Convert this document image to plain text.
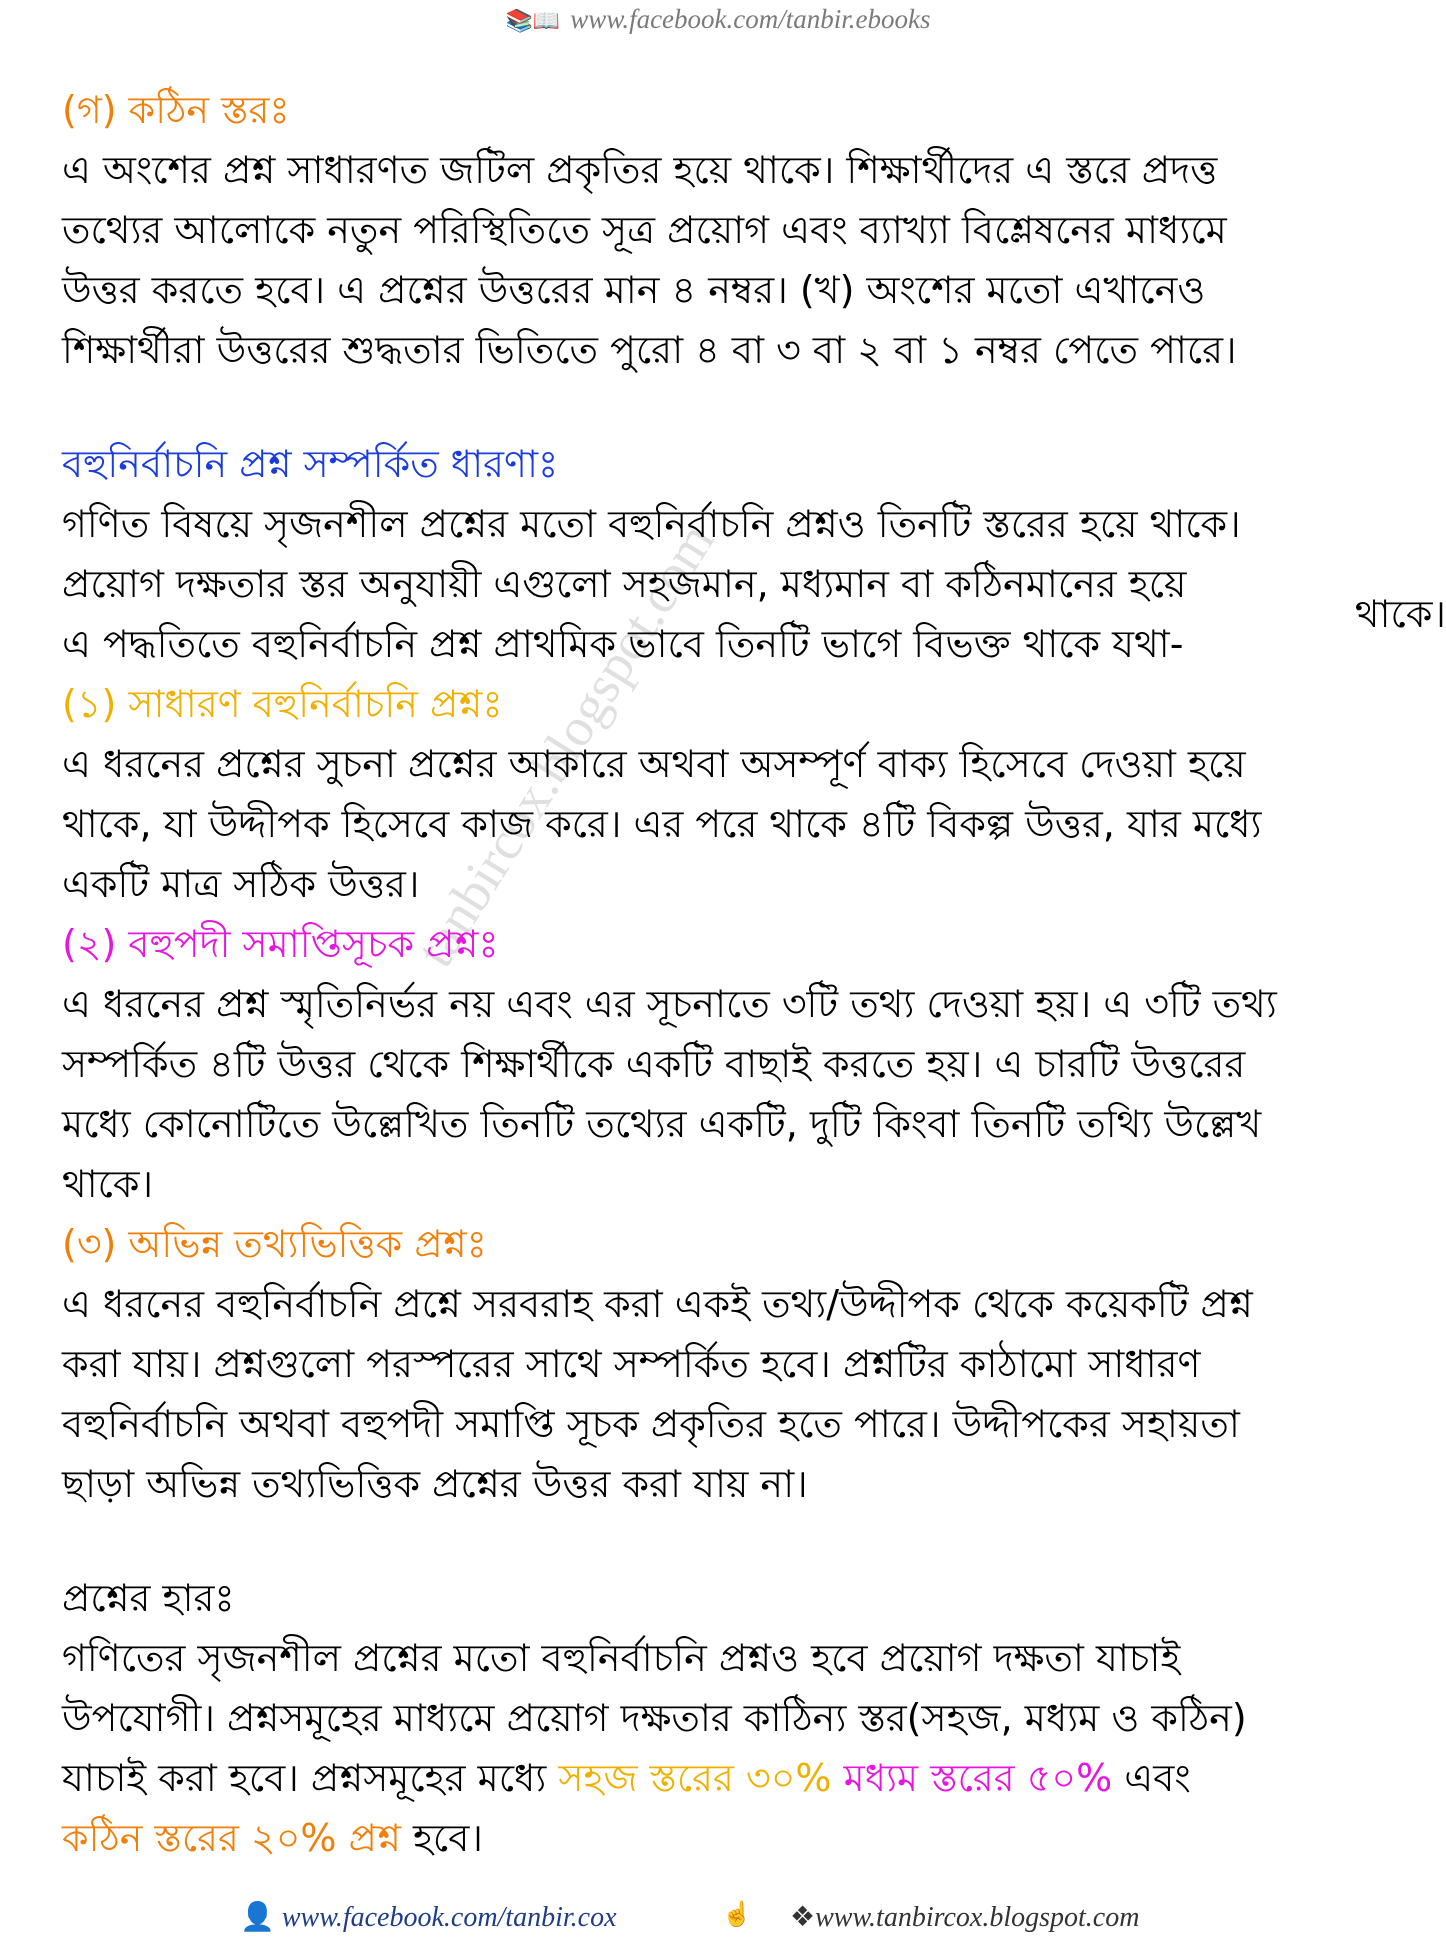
📚📖 www.facebook.com/tanbir.ebooks
tanbircox.blogspot.com

(গ) কঠিন স্তরঃ

এ অংশের প্রশ্ন সাধারণত জটিল প্রকৃতির হয়ে থাকে। শিক্ষার্থীদের এ স্তরে প্রদত্ত

তথ্যের আলোকে নতুন পরিস্থিতিতে সূত্র প্রয়োগ এবং ব্যাখ্যা বিশ্লেষনের মাধ্যমে

উত্তর করতে হবে। এ প্রশ্নের উত্তরের মান ৪ নম্বর। (খ) অংশের মতো এখানেও

শিক্ষার্থীরা উত্তরের শুদ্ধতার ভিতিতে পুরো ৪ বা ৩ বা ২ বা ১ নম্বর পেতে পারে।

বহুনির্বাচনি প্রশ্ন সম্পর্কিত ধারণাঃ

গণিত বিষয়ে সৃজনশীল প্রশ্নের মতো বহুনির্বাচনি প্রশ্নও তিনটি স্তরের হয়ে থাকে।

প্রয়োগ দক্ষতার স্তর অনুযায়ী এগুলো সহজমান, মধ্যমান বা কঠিনমানের হয়ে

থাকে।

এ পদ্ধতিতে বহুনির্বাচনি প্রশ্ন প্রাথমিক ভাবে তিনটি ভাগে বিভক্ত থাকে যথা-

(১) সাধারণ বহুনির্বাচনি প্রশ্নঃ

এ ধরনের প্রশ্নের সুচনা প্রশ্নের আকারে অথবা অসম্পূর্ণ বাক্য হিসেবে দেওয়া হয়ে

থাকে, যা উদ্দীপক হিসেবে কাজ করে। এর পরে থাকে ৪টি বিকল্প উত্তর, যার মধ্যে

একটি মাত্র সঠিক উত্তর।

(২) বহুপদী সমাপ্তিসূচক প্রশ্নঃ

এ ধরনের প্রশ্ন স্মৃতিনির্ভর নয় এবং এর সূচনাতে ৩টি তথ্য দেওয়া হয়। এ ৩টি তথ্য

সম্পর্কিত ৪টি উত্তর থেকে শিক্ষার্থীকে একটি বাছাই করতে হয়। এ চারটি উত্তরের

মধ্যে কোনোটিতে উল্লেখিত তিনটি তথ্যের একটি, দুটি কিংবা তিনটি তথ্যি উল্লেখ

থাকে।

(৩) অভিন্ন তথ্যভিত্তিক প্রশ্নঃ

এ ধরনের বহুনির্বাচনি প্রশ্নে সরবরাহ করা একই তথ্য/উদ্দীপক থেকে কয়েকটি প্রশ্ন

করা যায়। প্রশ্নগুলো পরস্পরের সাথে সম্পর্কিত হবে। প্রশ্নটির কাঠামো সাধারণ

বহুনির্বাচনি অথবা বহুপদী সমাপ্তি সূচক প্রকৃতির হতে পারে। উদ্দীপকের সহায়তা

ছাড়া অভিন্ন তথ্যভিত্তিক প্রশ্নের উত্তর করা যায় না।

প্রশ্নের হারঃ

গণিতের সৃজনশীল প্রশ্নের মতো বহুনির্বাচনি প্রশ্নও হবে প্রয়োগ দক্ষতা যাচাই

উপযোগী। প্রশ্নসমূহের মাধ্যমে প্রয়োগ দক্ষতার কাঠিন্য স্তর(সহজ, মধ্যম ও কঠিন)

যাচাই করা হবে। প্রশ্নসমূহের মধ্যে সহজ স্তরের ৩০% মধ্যম স্তরের ৫০% এবং

কঠিন স্তরের ২০% প্রশ্ন হবে।

👤 www.facebook.com/tanbir.cox	☝ ❖www.tanbircox.blogspot.com
